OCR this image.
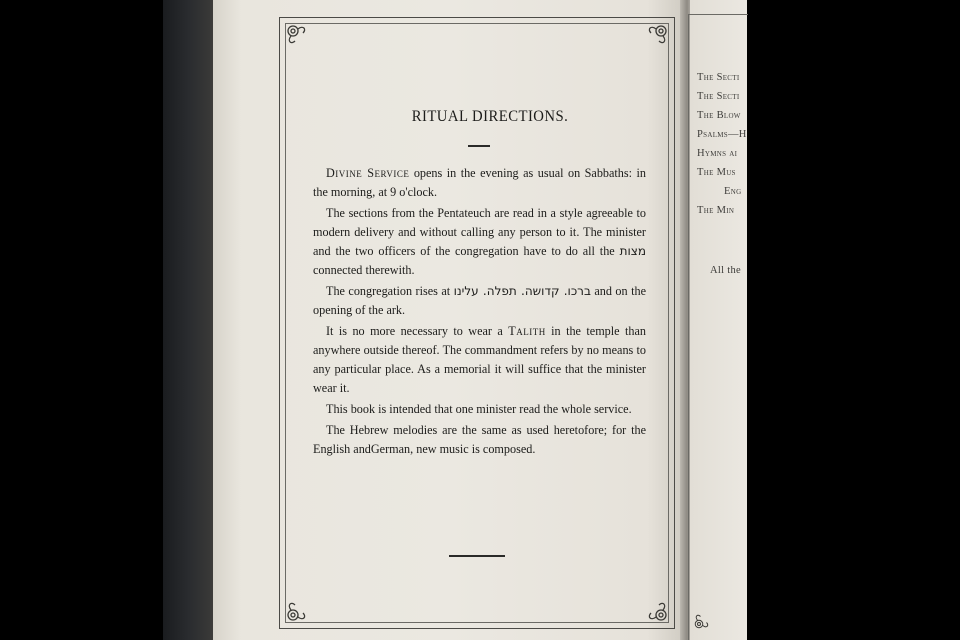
RITUAL DIRECTIONS.

Divine Service opens in the evening as usual on Sabbaths: in the morning, at 9 o'clock.

The sections from the Pentateuch are read in a style agreeable to modern delivery and without calling any person to it. The minister and the two officers of the congregation have to do all the מצות connected therewith.

The congregation rises at ברכו. קדושה. תפלה. עלינו and on the opening of the ark.

It is no more necessary to wear a Talith in the temple than anywhere outside thereof. The commandment refers by no means to any particular place. As a memorial it will suffice that the minister wear it.

This book is intended that one minister read the whole service.

The Hebrew melodies are the same as used heretofore; for the English andGerman, new music is composed.

The Secti
The Secti
The Blow
Psalms—H
Hymns ai
The Mus
Eng
The Min
All the
